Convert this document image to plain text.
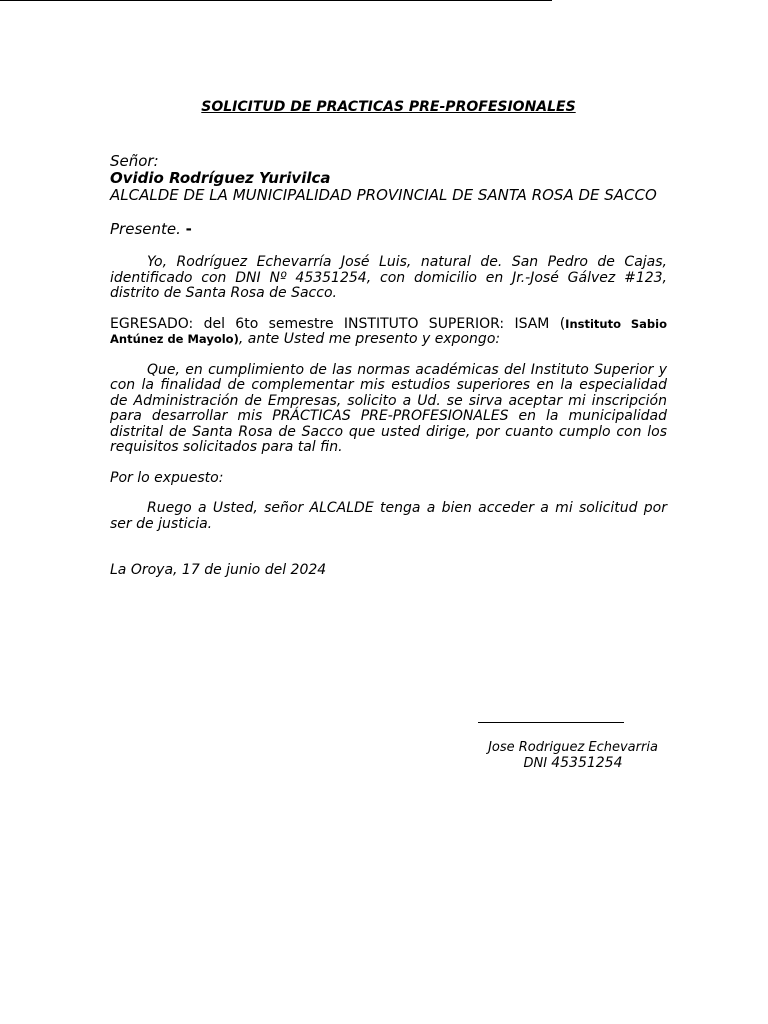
SOLICITUD DE PRACTICAS PRE-PROFESIONALES

Señor:

Ovidio Rodríguez Yurivilca

ALCALDE DE LA MUNICIPALIDAD PROVINCIAL DE SANTA ROSA DE SACCO

Presente. -

Yo, Rodríguez Echevarría José Luis, natural de. San Pedro de Cajas, identificado con DNI Nº 45351254, con domicilio en Jr.-José Gálvez #123, distrito de Santa Rosa de Sacco.

EGRESADO: del 6to semestre INSTITUTO SUPERIOR: ISAM (Instituto Sabio Antúnez de Mayolo), ante Usted me presento y expongo:

Que, en cumplimiento de las normas académicas del Instituto Superior y con la finalidad de complementar mis estudios superiores en la especialidad de Administración de Empresas, solicito a Ud. se sirva aceptar mi inscripción para desarrollar mis PRÁCTICAS PRE-PROFESIONALES en la municipalidad distrital de Santa Rosa de Sacco que usted dirige, por cuanto cumplo con los requisitos solicitados para tal fin.

Por lo expuesto:

Ruego a Usted, señor ALCALDE tenga a bien acceder a mi solicitud por ser de justicia.

La Oroya, 17 de junio del 2024

Jose Rodriguez Echevarria

DNI 45351254
